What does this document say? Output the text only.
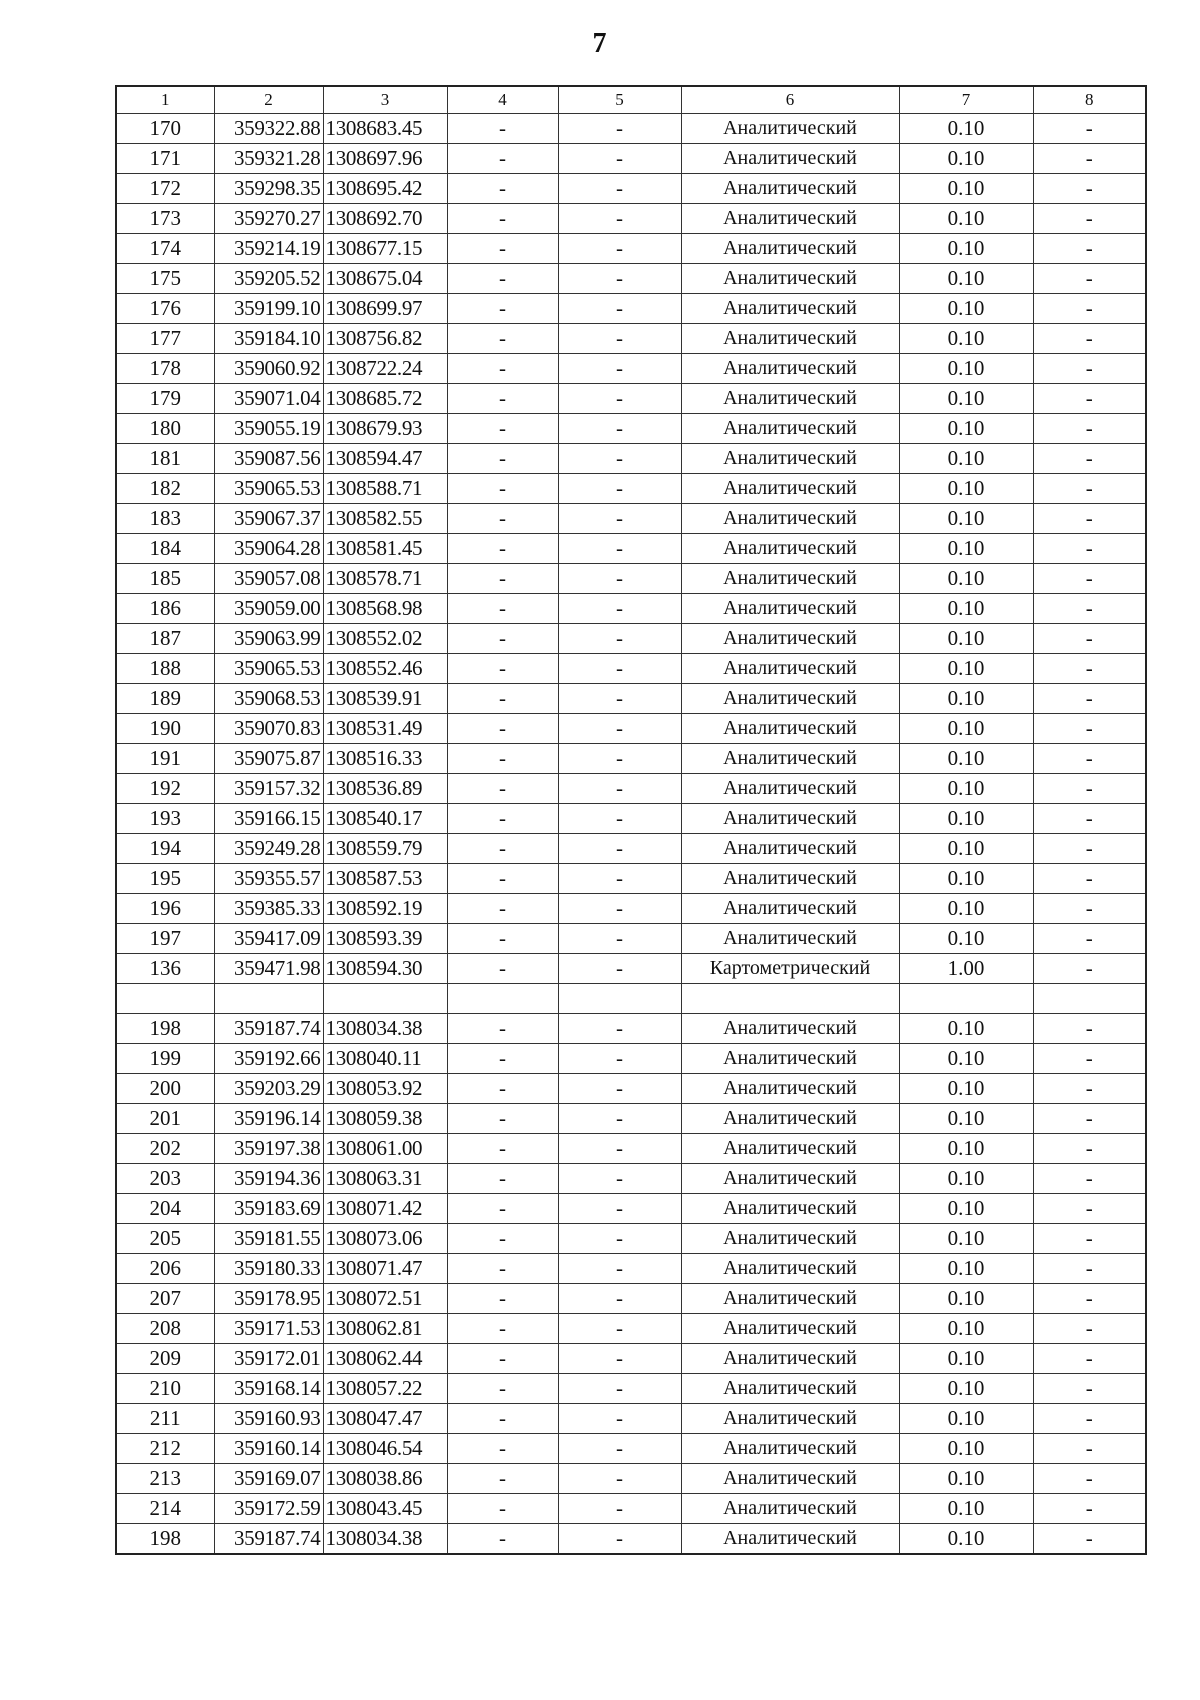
7
1	2	3	4	5	6	7	8
170	359322.88	1308683.45	-	-	Аналитический	0.10	-
171	359321.28	1308697.96	-	-	Аналитический	0.10	-
172	359298.35	1308695.42	-	-	Аналитический	0.10	-
173	359270.27	1308692.70	-	-	Аналитический	0.10	-
174	359214.19	1308677.15	-	-	Аналитический	0.10	-
175	359205.52	1308675.04	-	-	Аналитический	0.10	-
176	359199.10	1308699.97	-	-	Аналитический	0.10	-
177	359184.10	1308756.82	-	-	Аналитический	0.10	-
178	359060.92	1308722.24	-	-	Аналитический	0.10	-
179	359071.04	1308685.72	-	-	Аналитический	0.10	-
180	359055.19	1308679.93	-	-	Аналитический	0.10	-
181	359087.56	1308594.47	-	-	Аналитический	0.10	-
182	359065.53	1308588.71	-	-	Аналитический	0.10	-
183	359067.37	1308582.55	-	-	Аналитический	0.10	-
184	359064.28	1308581.45	-	-	Аналитический	0.10	-
185	359057.08	1308578.71	-	-	Аналитический	0.10	-
186	359059.00	1308568.98	-	-	Аналитический	0.10	-
187	359063.99	1308552.02	-	-	Аналитический	0.10	-
188	359065.53	1308552.46	-	-	Аналитический	0.10	-
189	359068.53	1308539.91	-	-	Аналитический	0.10	-
190	359070.83	1308531.49	-	-	Аналитический	0.10	-
191	359075.87	1308516.33	-	-	Аналитический	0.10	-
192	359157.32	1308536.89	-	-	Аналитический	0.10	-
193	359166.15	1308540.17	-	-	Аналитический	0.10	-
194	359249.28	1308559.79	-	-	Аналитический	0.10	-
195	359355.57	1308587.53	-	-	Аналитический	0.10	-
196	359385.33	1308592.19	-	-	Аналитический	0.10	-
197	359417.09	1308593.39	-	-	Аналитический	0.10	-
136	359471.98	1308594.30	-	-	Картометрический	1.00	-

198	359187.74	1308034.38	-	-	Аналитический	0.10	-
199	359192.66	1308040.11	-	-	Аналитический	0.10	-
200	359203.29	1308053.92	-	-	Аналитический	0.10	-
201	359196.14	1308059.38	-	-	Аналитический	0.10	-
202	359197.38	1308061.00	-	-	Аналитический	0.10	-
203	359194.36	1308063.31	-	-	Аналитический	0.10	-
204	359183.69	1308071.42	-	-	Аналитический	0.10	-
205	359181.55	1308073.06	-	-	Аналитический	0.10	-
206	359180.33	1308071.47	-	-	Аналитический	0.10	-
207	359178.95	1308072.51	-	-	Аналитический	0.10	-
208	359171.53	1308062.81	-	-	Аналитический	0.10	-
209	359172.01	1308062.44	-	-	Аналитический	0.10	-
210	359168.14	1308057.22	-	-	Аналитический	0.10	-
211	359160.93	1308047.47	-	-	Аналитический	0.10	-
212	359160.14	1308046.54	-	-	Аналитический	0.10	-
213	359169.07	1308038.86	-	-	Аналитический	0.10	-
214	359172.59	1308043.45	-	-	Аналитический	0.10	-
198	359187.74	1308034.38	-	-	Аналитический	0.10	-
